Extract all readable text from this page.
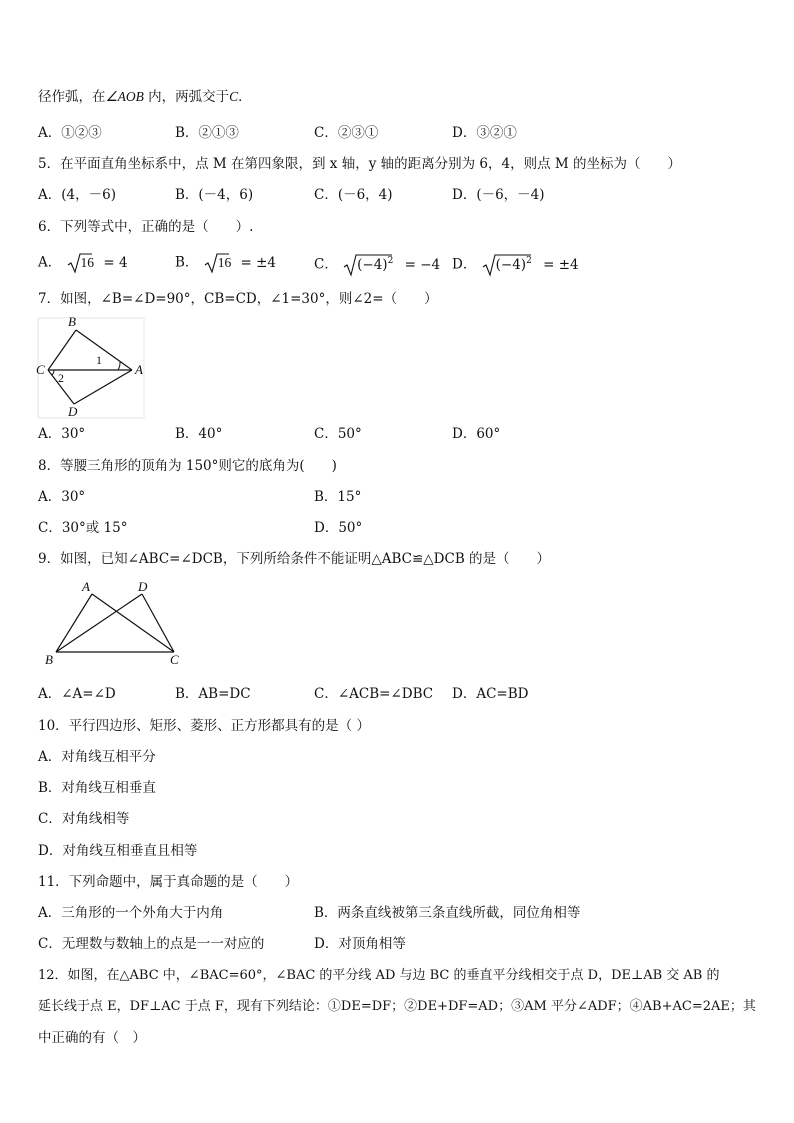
径作弧，在∠AOB 内，两弧交于C．
A．①②③	B．②①③	C．②③①	D．③②①
5．在平面直角坐标系中，点 M 在第四象限，到 x 轴，y 轴的距离分别为 6，4，则点 M 的坐标为（　　）
A．(4，－6)	B．(－4，6)	C．(－6，4)	D．(－6，－4)
6．下列等式中，正确的是（　　）.
A． 16 = 4	B． 16 = ±4	C． $(-4)^2 = -4$ D． $(-4)^2 = \pm 4$
7．如图，∠B=∠D=90°，CB=CD，∠1=30°，则∠2=（　　）
B
C	A
D
1
2
A．30°	B．40°	C．50°	D．60°
8．等腰三角形的顶角为 150°则它的底角为(　　)
A．30°	B．15°
C．30°或 15°	D．50°
9．如图，已知∠ABC=∠DCB，下列所给条件不能证明△ABC≌△DCB 的是（　　）
A	D
B	C
A．∠A=∠D	B．AB=DC	C．∠ACB=∠DBC D．AC=BD
10．平行四边形、矩形、菱形、正方形都具有的是（ ）
A．对角线互相平分
B．对角线互相垂直
C．对角线相等
D．对角线互相垂直且相等
11．下列命题中，属于真命题的是（　　）
A．三角形的一个外角大于内角	B．两条直线被第三条直线所截，同位角相等
C．无理数与数轴上的点是一一对应的	D．对顶角相等
12．如图，在△ABC 中，∠BAC=60°，∠BAC 的平分线 AD 与边 BC 的垂直平分线相交于点 D，DE⊥AB 交 AB 的
延长线于点 E，DF⊥AC 于点 F，现有下列结论：①DE=DF；②DE+DF=AD；③AM 平分∠ADF；④AB+AC=2AE；其
中正确的有（　）
